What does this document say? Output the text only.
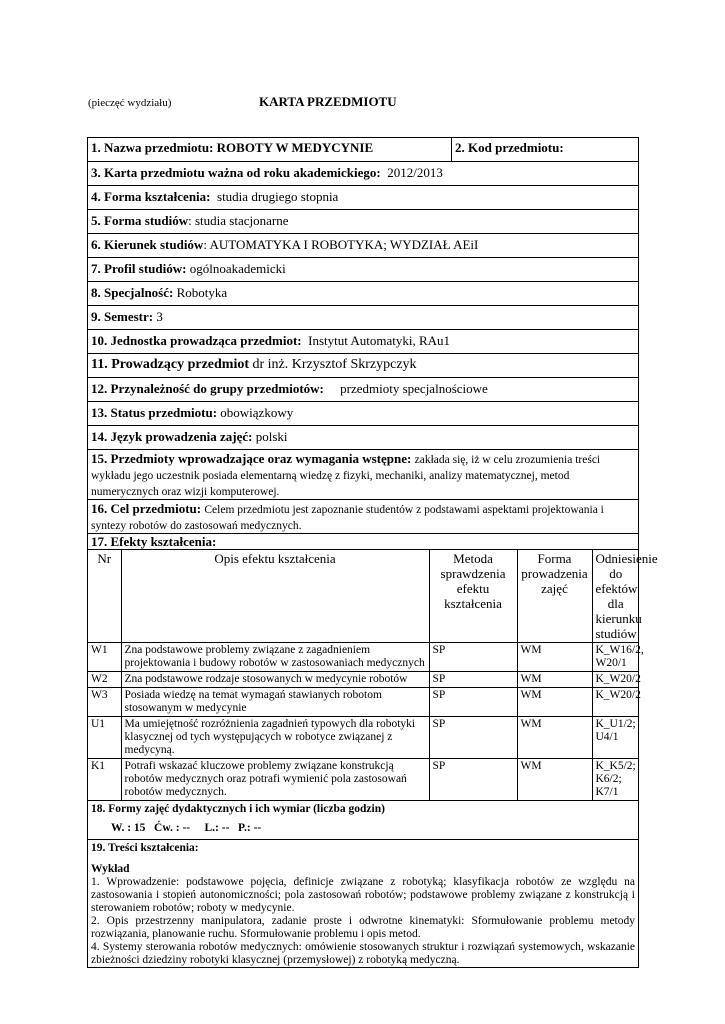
(pieczęć wydziału)	KARTA PRZEDMIOTU
1. Nazwa przedmiotu: ROBOTY W MEDYCYNIE	2. Kod przedmiotu:
3. Karta przedmiotu ważna od roku akademickiego: 2012/2013
4. Forma kształcenia: studia drugiego stopnia
5. Forma studiów: studia stacjonarne
6. Kierunek studiów: AUTOMATYKA I ROBOTYKA; WYDZIAŁ AEiI
7. Profil studiów: ogólnoakademicki
8. Specjalność: Robotyka
9. Semestr: 3
10. Jednostka prowadząca przedmiot: Instytut Automatyki, RAu1
11. Prowadzący przedmiot dr inż. Krzysztof Skrzypczyk
12. Przynależność do grupy przedmiotów: przedmioty specjalnościowe
13. Status przedmiotu: obowiązkowy
14. Język prowadzenia zajęć: polski
15. Przedmioty wprowadzające oraz wymagania wstępne: zakłada się, iż w celu zrozumienia treści wykładu jego uczestnik posiada elementarną wiedzę z fizyki, mechaniki, analizy matematycznej, metod numerycznych oraz wizji komputerowej.
16. Cel przedmiotu: Celem przedmiotu jest zapoznanie studentów z podstawami aspektami projektowania i syntezy robotów do zastosowań medycznych.
17. Efekty kształcenia:

Nr	Opis efektu kształcenia	Metoda sprawdzenia efektu kształcenia	Forma prowadzenia zajęć	Odniesienie do efektów dla kierunku studiów
W1	Zna podstawowe problemy związane z zagadnieniem projektowania i budowy robotów w zastosowaniach medycznych	SP	WM	K_W16/2, W20/1
W2	Zna podstawowe rodzaje stosowanych w medycynie robotów	SP	WM	K_W20/2
W3	Posiada wiedzę na temat wymagań stawianych robotom stosowanym w medycynie	SP	WM	K_W20/2
U1	Ma umiejętność rozróżnienia zagadnień typowych dla robotyki klasycznej od tych występujących w robotyce związanej z medycyną.	SP	WM	K_U1/2; U4/1
K1	Potrafi wskazać kluczowe problemy związane konstrukcją robotów medycznych oraz potrafi wymienić pola zastosowań robotów medycznych.	SP	WM	K_K5/2; K6/2; K7/1

18. Formy zajęć dydaktycznych i ich wymiar (liczba godzin)
W. : 15   Ćw. : --     L.: --   P.: --

19. Treści kształcenia:
Wykład
1. Wprowadzenie: podstawowe pojęcia, definicje związane z robotyką; klasyfikacja robotów ze względu na zastosowania i stopień autonomiczności; pola zastosowań robotów; podstawowe problemy związane z konstrukcją i sterowaniem robotów; roboty w medycynie.
2. Opis przestrzenny manipulatora, zadanie proste i odwrotne kinematyki: Sformułowanie problemu metody rozwiązania, planowanie ruchu. Sformułowanie problemu i opis metod.
4. Systemy sterowania robotów medycznych: omówienie stosowanych struktur i rozwiązań systemowych, wskazanie zbieżności dziedziny robotyki klasycznej (przemysłowej) z robotyką medyczną.
